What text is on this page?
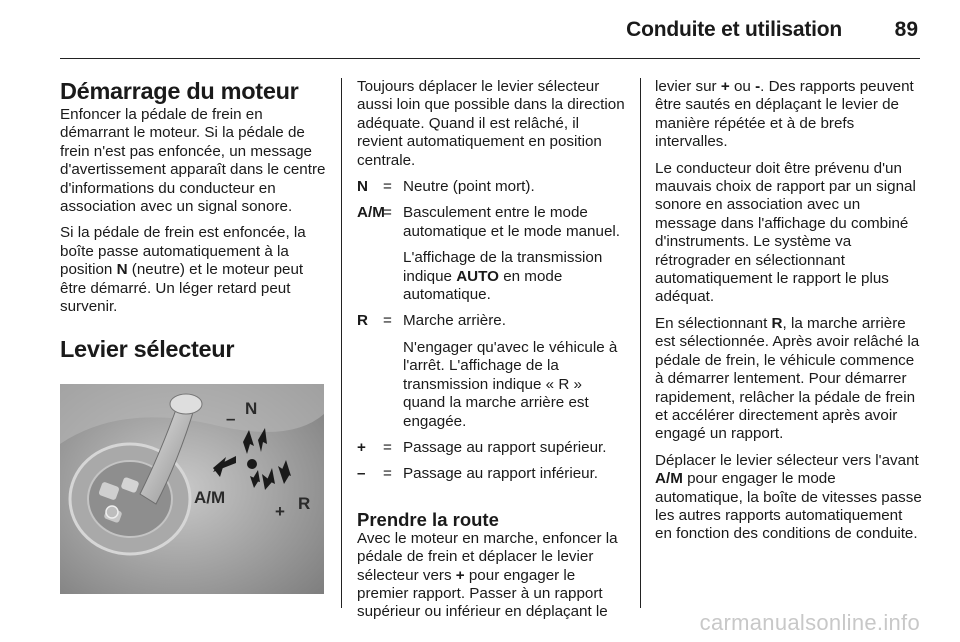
Conduite et utilisation	89
Démarrage du moteur

Enfoncer la pédale de frein en démarrant le moteur. Si la pédale de frein n'est pas enfoncée, un message d'avertissement apparaît dans le centre d'informations du conducteur en association avec un signal sonore.

Si la pédale de frein est enfoncée, la boîte passe automatiquement à la position N (neutre) et le moteur peut être démarré. Un léger retard peut survenir.

Levier sélecteur
N
–
A/M
+ R

Toujours déplacer le levier sélecteur aussi loin que possible dans la direction adéquate. Quand il est relâché, il revient automatiquement en position centrale.

N = Neutre (point mort).

A/M
= Basculement entre le mode automatique et le mode manuel.

L'affichage de la transmission indique AUTO en mode automatique.

R = Marche arrière.

N'engager qu'avec le véhicule à l'arrêt. L'affichage de la transmission indique « R » quand la marche arrière est engagée.

+	= Passage au rapport supérieur.

–	= Passage au rapport inférieur.

Prendre la route

Avec le moteur en marche, enfoncer la pédale de frein et déplacer le levier sélecteur vers + pour engager le premier rapport. Passer à un rapport supérieur ou inférieur en déplaçant le

levier sur + ou -. Des rapports peuvent être sautés en déplaçant le levier de manière répétée et à de brefs intervalles.

Le conducteur doit être prévenu d'un mauvais choix de rapport par un signal sonore en association avec un message dans l'affichage du combiné d'instruments. Le système va rétrograder en sélectionnant automatiquement le rapport le plus adéquat.

En sélectionnant R, la marche arrière est sélectionnée. Après avoir relâché la pédale de frein, le véhicule commence à démarrer lentement. Pour démarrer rapidement, relâcher la pédale de frein et accélérer directement après avoir engagé un rapport.

Déplacer le levier sélecteur vers l'avant A/M pour engager le mode automatique, la boîte de vitesses passe les autres rapports automatiquement en fonction des conditions de conduite.

carmanualsonline.info
